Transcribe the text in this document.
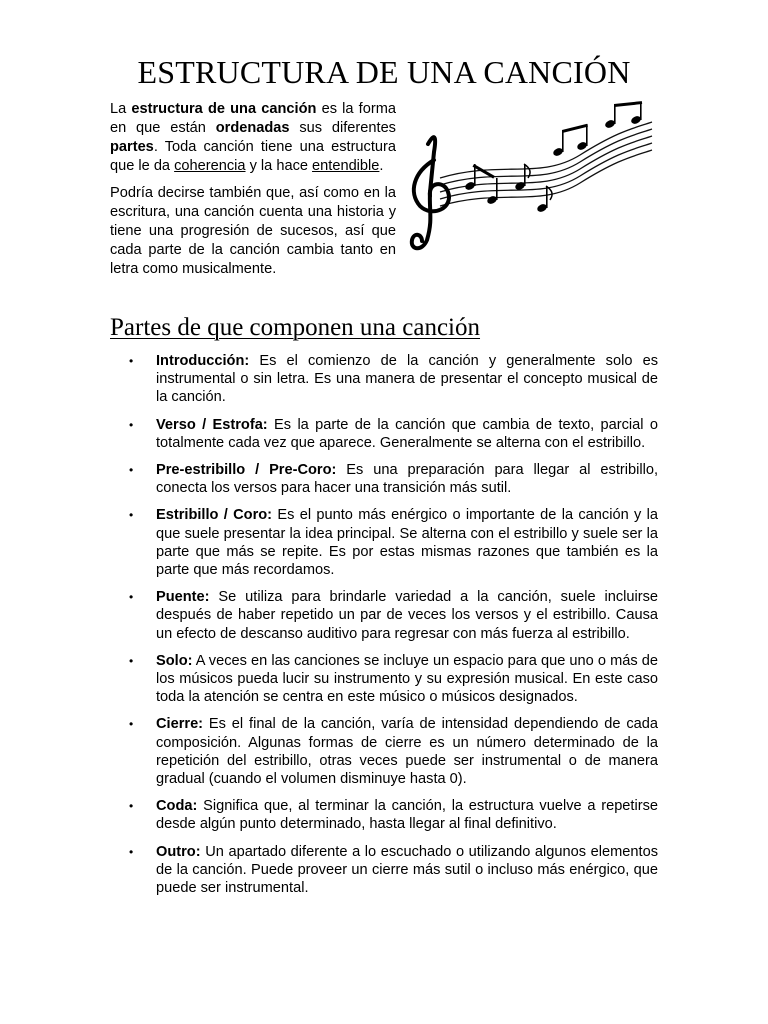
ESTRUCTURA DE UNA CANCIÓN

La estructura de una canción es la forma en que están ordenadas sus diferentes partes. Toda canción tiene una estructura que le da coherencia y la hace entendible.

Podría decirse también que, así como en la escritura, una canción cuenta una historia y tiene una progresión de sucesos, así que cada parte de la canción cambia tanto en letra como musicalmente.

Partes de que componen una canción
• Introducción: Es el comienzo de la canción y generalmente solo es instrumental o sin letra. Es una manera de presentar el concepto musical de la canción.
• Verso / Estrofa: Es la parte de la canción que cambia de texto, parcial o totalmente cada vez que aparece. Generalmente se alterna con el estribillo.
• Pre-estribillo / Pre-Coro: Es una preparación para llegar al estribillo, conecta los versos para hacer una transición más sutil.
• Estribillo / Coro: Es el punto más enérgico o importante de la canción y la que suele presentar la idea principal. Se alterna con el estribillo y suele ser la parte que más se repite. Es por estas mismas razones que también es la parte que más recordamos.
• Puente: Se utiliza para brindarle variedad a la canción, suele incluirse después de haber repetido un par de veces los versos y el estribillo. Causa un efecto de descanso auditivo para regresar con más fuerza al estribillo.
• Solo: A veces en las canciones se incluye un espacio para que uno o más de los músicos pueda lucir su instrumento y su expresión musical. En este caso toda la atención se centra en este músico o músicos designados.
• Cierre: Es el final de la canción, varía de intensidad dependiendo de cada composición. Algunas formas de cierre es un número determinado de la repetición del estribillo, otras veces puede ser instrumental o de manera gradual (cuando el volumen disminuye hasta 0).
• Coda: Significa que, al terminar la canción, la estructura vuelve a repetirse desde algún punto determinado, hasta llegar al final definitivo.
• Outro: Un apartado diferente a lo escuchado o utilizando algunos elementos de la canción. Puede proveer un cierre más sutil o incluso más enérgico, que puede ser instrumental.
